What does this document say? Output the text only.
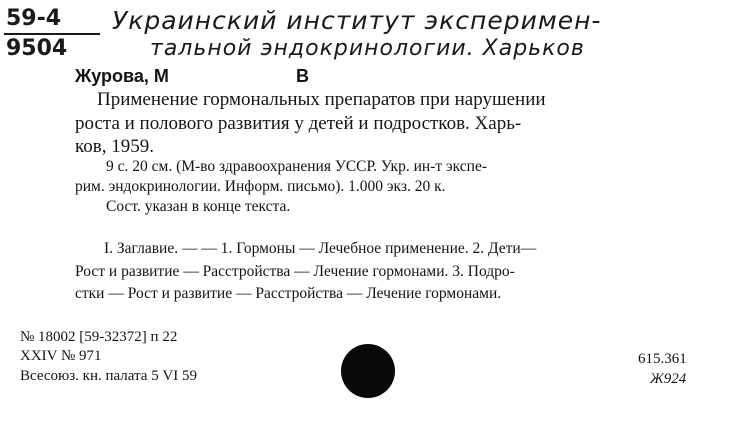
59-4
9504
Украинский институт эксперимен-
тальной эндокринологии. Харьков
Журова, М	В
Применение гормональных препаратов при нарушении
роста и полового развития у детей и подростков. Харь-
ков, 1959.
9 с. 20 см. (М-во здравоохранения УССР. Укр. ин-т экспе-
рим. эндокринологии. Информ. письмо). 1.000 экз. 20 к.
Сост. указан в конце текста.
I. Заглавие. — — 1. Гормоны — Лечебное применение. 2. Дети—
Рост и развитие — Расстройства — Лечение гормонами. 3. Подро-
стки — Рост и развитие — Расстройства — Лечение гормонами.
№ 18002 [59-32372] п 22
XXIV № 971
Всесоюз. кн. палата 5 VI 59
615.361
Ж924
